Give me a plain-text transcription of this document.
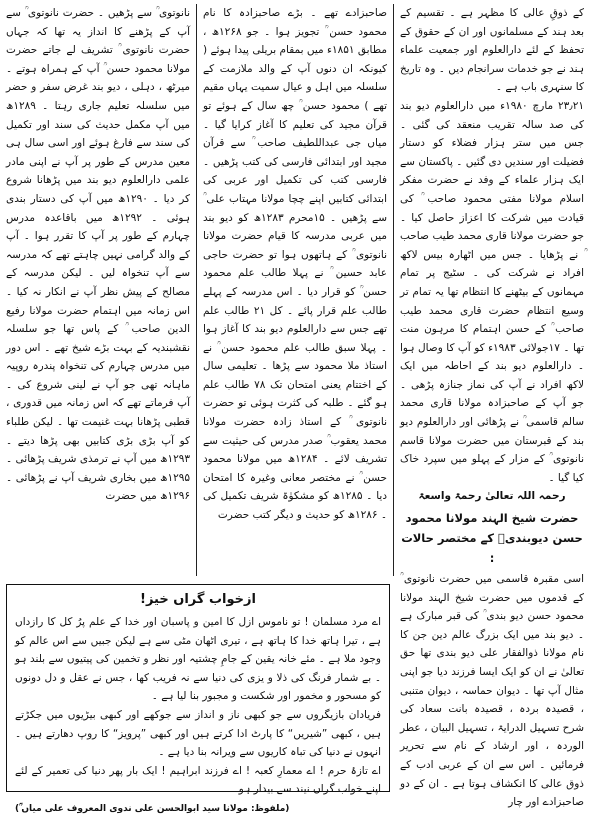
کے ذوقِ عالی کا مظہر ہے ۔ تقسیم کے بعد ہند کے مسلمانوں اور ان کے حقوق کے تحفظ کے لئے دارالعلوم اور جمعیت علماء ہند نے جو خدمات سرانجام دیں ۔ وہ تاریخ کا سنہری باب ہے ۔

۲۳٫۲۱ مارچ ۱۹۸۰ء میں دارالعلوم دیو بند کی صد سالہ تقریب منعقد کی گئی ۔ جس میں ستر ہزار فضلاء کو دستار فضیلت اور سندیں دی گئیں ۔ پاکستان سے ایک ہزار علماء کے وفد نے حضرت مفکر اسلام مولانا مفتی محمود صاحب ؒ کی قیادت میں شرکت کا اعزاز حاصل کیا ۔ جو حضرت مولانا قاری محمد طیب صاحب ؒ نے پڑھایا ۔ جس میں اٹھارہ بیس لاکھ افراد نے شرکت کی ۔ سٹیج پر تمام مہمانوں کے بیٹھنے کا انتظام تھا یہ تمام تر وسیع انتظام حضرت قاری محمد طیب صاحب ؒ کے حسن اہتمام کا مرہون منت تھا ۔ ۱۷جولائی ۱۹۸۳ء کو آپ کا وصال ہوا ۔ دارالعلوم دیو بند کے احاطہ میں ایک لاکھ افراد نے آپ کی نماز جنازہ پڑھی ۔ جو آپ کے صاحبزادہ مولانا قاری محمد سالم قاسمی ؒ نے پڑھائی اور دارالعلوم دیو بند کے قبرستان میں حضرت مولانا قاسم نانوتوی ؒ کے مزار کے پہلو میں سپرد خاک کیا گیا ۔

رحمہ اللہ تعالیٰ رحمۃ واسعۃ

حضرت شیخ الہند مولانا محمود حسن دیوبندیؒ کے مختصر حالات :

اسی مقبرہ قاسمی میں حضرت نانوتوی ؒ کے قدموں میں حضرت شیخ الہند مولانا محمود حسن دیو بندی ؒ کی قبر مبارک ہے ۔ دیو بند میں ایک بزرگ عالم دین جن کا نام مولانا ذوالفقار علی دیو بندی تھا حق تعالیٰ نے ان کو ایک ایسا فرزند دیا جو اپنی مثال آپ تھا ۔ دیوان حماسہ ، دیوان متنبی ، قصیدہ بردہ ، قصیدہ بانت سعاد کی شرح تسہیل الدرایۃ ، تسہیل البیان ، عطر الوردہ ، اور ارشاد کے نام سے تحریر فرمائیں ۔ اس سے ان کے عربی ادب کے ذوق عالی کا انکشاف ہوتا ہے ۔ ان کے دو صاحبزادے اور چار

صاحبزادے تھے ۔ بڑے صاحبزادہ کا نام محمود حسن ؒ تجویز ہوا ۔ جو ۱۲۶۸ھ ، مطابق ۱۸۵۱ء میں بمقام بریلی پیدا ہوئے ( کیونکہ ان دنوں آپ کے والد ملازمت کے سلسلہ میں اہل و عیال سمیت یہاں مقیم تھے ) محمود حسن ؒ چھ سال کے ہوئے تو قرآن مجید کی تعلیم کا آغاز کرایا گیا ۔ میاں جی عبداللطیف صاحب ؒ سے قرآن مجید اور ابتدائی فارسی کی کتب پڑھیں ۔ فارسی کتب کی تکمیل اور عربی کی ابتدائی کتابیں اپنے چچا مولانا مہتاب علی ؒ سے پڑھیں ۔ ۱۵محرم ۱۲۸۳ھ کو دیو بند میں عربی مدرسہ کا قیام حضرت مولانا نانوتوی ؒ کے ہاتھوں ہوا تو حضرت حاجی عابد حسین ؒ نے پہلا طالب علم محمود حسن ؒ کو قرار دیا ۔ اس مدرسہ کے پہلے طالب علم قرار پائے ۔ کل ۲۱ طالب علم تھے جس سے دارالعلوم دیو بند کا آغاز ہوا ۔ پہلا سبق طالب علم محمود حسن ؒ نے استاذ ملا محمود سے پڑھا ۔ تعلیمی سال کے اختتام یعنی امتحان تک ۷۸ طالب علم ہو گئے ۔ طلبہ کی کثرت ہوئی تو حضرت نانوتوی ؒ کے استاذ زادہ حضرت مولانا محمد یعقوب ؒ صدر مدرس کی حیثیت سے تشریف لائے ۔ ۱۲۸۴ھ میں مولانا محمود حسن ؒ نے مختصر معانی وغیرہ کا امتحان دیا ۔ ۱۲۸۵ھ کو مشکوٰۃ شریف تکمیل کی ۔ ۱۲۸۶ھ کو حدیث و دیگر کتب حضرت

نانوتوی ؒ سے پڑھیں ۔ حضرت نانوتوی ؒ سے آپ کے پڑھنے کا انداز یہ تھا کہ جہاں حضرت نانوتوی ؒ تشریف لے جاتے حضرت مولانا محمود حسن ؒ آپ کے ہمراہ ہوتے ۔ میرٹھ ، دہلی ، دیو بند غرض سفر و حضر میں سلسلہ تعلیم جاری رہتا ۔ ۱۲۸۹ھ میں آپ مکمل حدیث کی سند اور تکمیل کی سند سے فارغ ہوئے اور اسی سال ہی معین مدرس کے طور پر آپ نے اپنی مادر علمی دارالعلوم دیو بند میں پڑھانا شروع کر دیا ۔ ۱۲۹۰ھ میں آپ کی دستار بندی ہوئی ۔ ۱۲۹۲ھ میں باقاعدہ مدرس چہارم کے طور پر آپ کا تقرر ہوا ۔ آپ کے والد گرامی نہیں چاہتے تھے کہ مدرسہ سے آپ تنخواہ لیں ۔ لیکن مدرسہ کے مصالح کے پیش نظر آپ نے انکار نہ کیا ۔ اس زمانہ میں اہتمام حضرت مولانا رفیع الدین صاحب ؒ کے پاس تھا جو سلسلہ نقشبندیہ کے بہت بڑے شیخ تھے ۔ اس دور میں مدرس چہارم کی تنخواہ پندرہ روپیہ ماہانہ تھی جو آپ نے لینی شروع کی ۔ آپ فرماتے تھے کہ اس زمانہ میں قدوری ، قطبی پڑھانا بہت غنیمت تھا ۔ لیکن طلباء کو آپ بڑی بڑی کتابیں بھی پڑھا دیتے ۔ ۱۲۹۳ھ میں آپ نے ترمذی شریف پڑھائی ۔ ۱۲۹۵ھ میں بخاری شریف آپ نے پڑھائی ۔ ۱۲۹۶ھ میں حضرت

ازخواب گراں خیز!

اے مرد مسلمان ! تو ناموس ازل کا امین و پاسبان اور خدا کے علم پرُ کل کا رازداں ہے ، تیرا ہاتھ خدا کا ہاتھ ہے ، تیری اٹھان مٹی سے ہے لیکن جبیں سے اس عالم کو وجود ملا ہے ۔ مئے خانہ یقین کے جامِ چشتیہ اور نظر و تخمین کی پیتیوں سے بلند ہو ۔ بے شمار فرنگ کی ذلا و یزی کی دنیا سے نہ فریب کھا ، جس نے عقل و دل دونوں کو مسحور و مخمور اور شکست و مجبور بنا لیا ہے ۔

فریادان بازیگروں سے جو کبھی ناز و انداز سے جوکھے اور کبھی بیڑیوں میں جکڑتے ہیں ، کبھی ”شیریں“ کا پارٹ ادا کرتے ہیں اور کبھی ”پرویز“ کا روپ دھارتے ہیں ۔ انہوں نے دنیا کی تباہ کاریوں سے ویرانہ بنا دیا ہے ۔

اے تازۂ حرم ! اے معمارِ کعبہ ! اے فرزند ابراہیم ! ایک بار پھر دنیا کی تعمیر کے لئے اپنے خواب گراں نیند سے بیدار ہو ۔

(ملفوظ: مولانا سید ابوالحسن علی ندوی المعروف علی میاں ؒ)
